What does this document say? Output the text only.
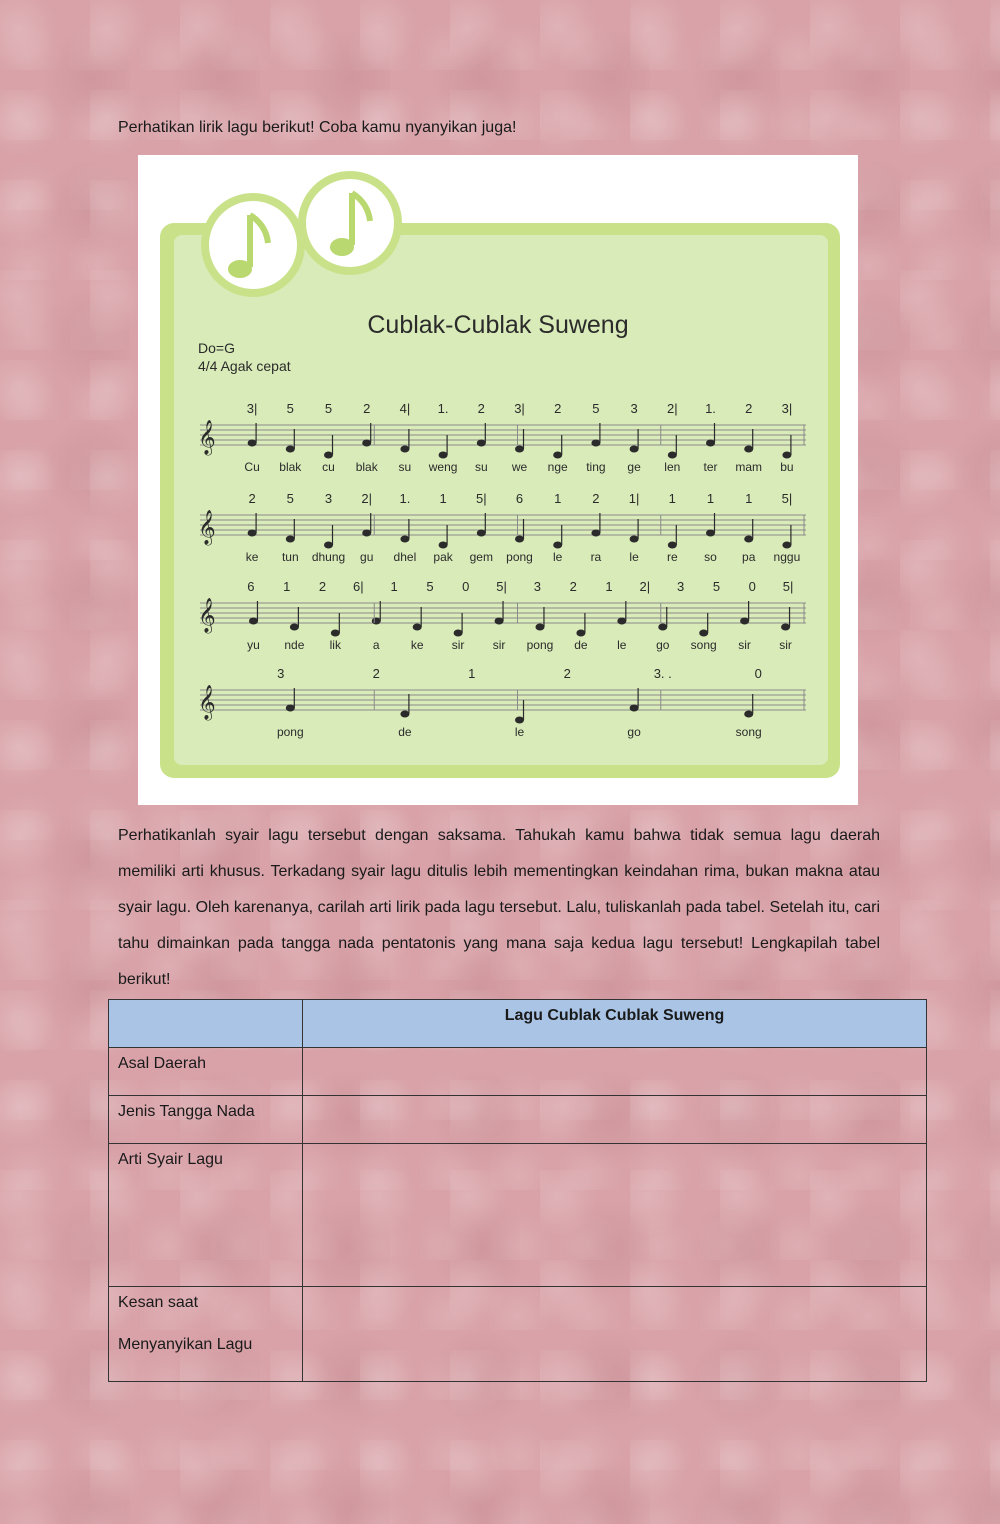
Perhatikan lirik lagu berikut! Coba kamu nyanyikan juga!
Cublak-Cublak Suweng
Do=G
4/4 Agak cepat
𝄞
3| 5 5 2 4| 1. 2 3| 2 5 3 2| 1. 2 3|
Cu blak cu blak su weng su we nge ting ge len ter mam bu
𝄞
2 5 3 2| 1. 1 5| 6 1 2 1| 1 1 1 5|
ke tun dhung gu dhel pak gem pong le ra le re so pa nggu
𝄞
6 1 2 6| 1 5 0 5| 3 2 1 2| 3 5 0 5|
yu nde lik	a	ke sir sir pong de le go song sir sir
𝄞
3	2	1	2	3. .	0
pong	de	le	go	song
Perhatikanlah syair lagu tersebut dengan saksama. Tahukah kamu bahwa tidak semua lagu daerah memiliki arti khusus. Terkadang syair lagu ditulis lebih mementingkan keindahan rima, bukan makna atau syair lagu. Oleh karenanya, carilah arti lirik pada lagu tersebut. Lalu, tuliskanlah pada tabel. Setelah itu, cari tahu dimainkan pada tangga nada pentatonis yang mana saja kedua lagu tersebut! Lengkapilah tabel berikut!
	Lagu Cublak Cublak Suweng
Asal Daerah	
Jenis Tangga Nada	
Arti Syair Lagu	

Kesan saat
Menyanyikan Lagu	
